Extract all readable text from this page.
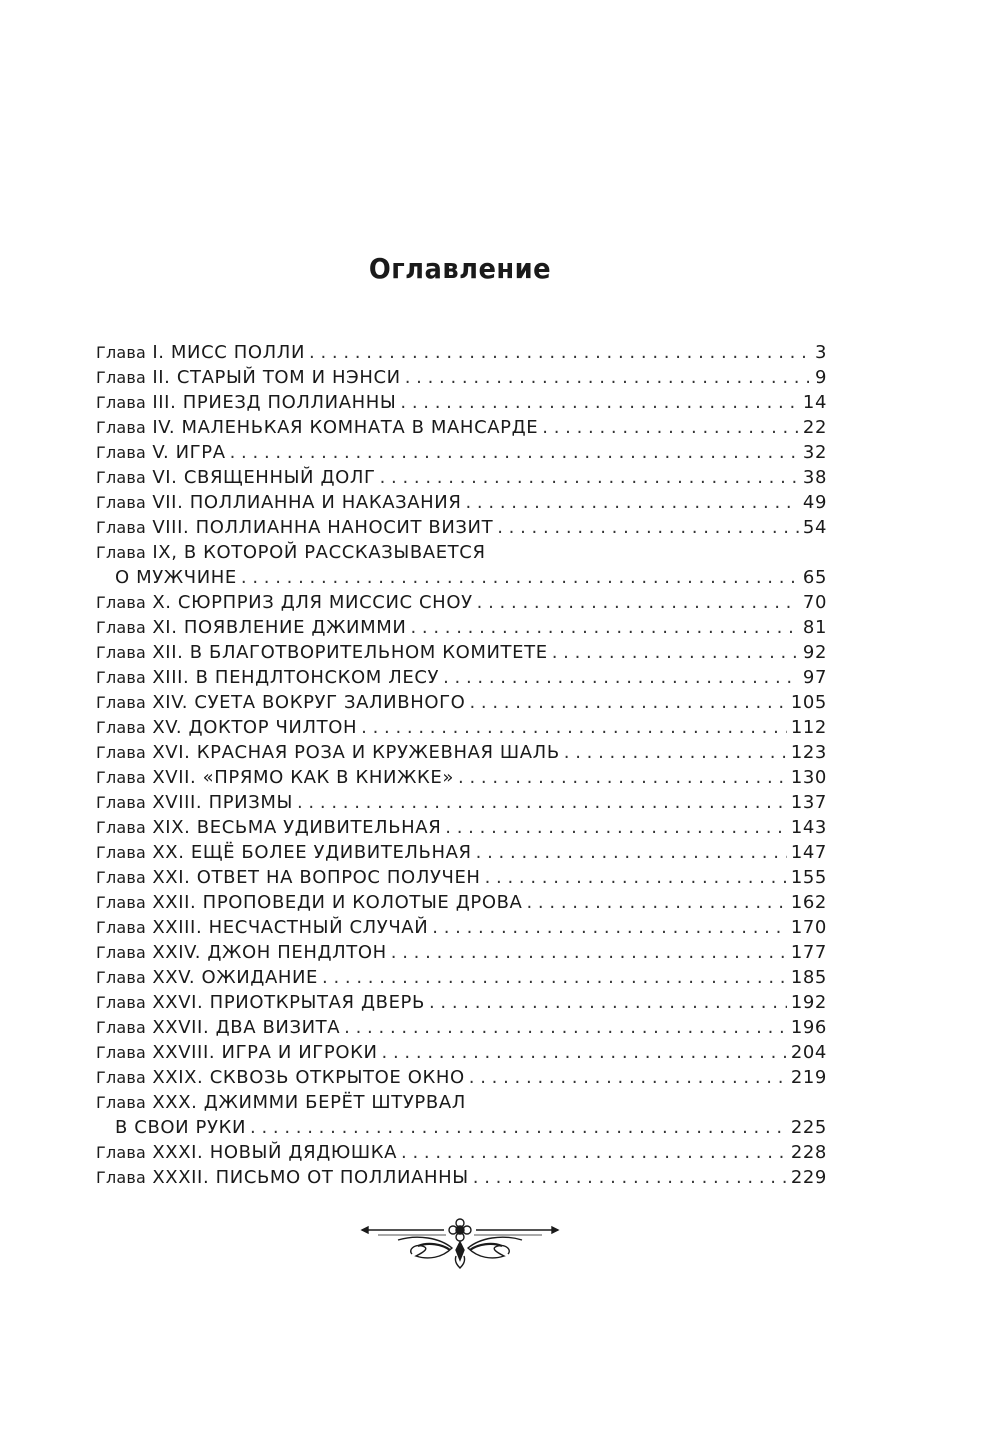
Оглавление
Глава I. МИСС ПОЛЛИ . . .	3
Глава II. СТАРЫЙ ТОМ И НЭНСИ . . .	9
Глава III. ПРИЕЗД ПОЛЛИАННЫ . . .	14
Глава IV. МАЛЕНЬКАЯ КОМНАТА В МАНСАРДЕ . . .	22
Глава V. ИГРА . . .	32
Глава VI. СВЯЩЕННЫЙ ДОЛГ . . .	38
Глава VII. ПОЛЛИАННА И НАКАЗАНИЯ . . .	49
Глава VIII. ПОЛЛИАННА НАНОСИТ ВИЗИТ . . .	54
Глава IX, В КОТОРОЙ РАССКАЗЫВАЕТСЯ
О МУЖЧИНЕ . . .	65
Глава X. СЮРПРИЗ ДЛЯ МИССИС СНОУ . . .	70
Глава XI. ПОЯВЛЕНИЕ ДЖИММИ . . .	81
Глава XII. В БЛАГОТВОРИТЕЛЬНОМ КОМИТЕТЕ . . .	92
Глава XIII. В ПЕНДЛТОНСКОМ ЛЕСУ . . .	97
Глава XIV. СУЕТА ВОКРУГ ЗАЛИВНОГО . . .	105
Глава XV. ДОКТОР ЧИЛТОН . . .	112
Глава XVI. КРАСНАЯ РОЗА И КРУЖЕВНАЯ ШАЛЬ . . .	123
Глава XVII. «ПРЯМО КАК В КНИЖКЕ» . . .	130
Глава XVIII. ПРИЗМЫ . . .	137
Глава XIX. ВЕСЬМА УДИВИТЕЛЬНАЯ . . .	143
Глава XX. ЕЩЁ БОЛЕЕ УДИВИТЕЛЬНАЯ . . .	147
Глава XXI. ОТВЕТ НА ВОПРОС ПОЛУЧЕН . . .	155
Глава XXII. ПРОПОВЕДИ И КОЛОТЫЕ ДРОВА . . .	162
Глава XXIII. НЕСЧАСТНЫЙ СЛУЧАЙ . . .	170
Глава XXIV. ДЖОН ПЕНДЛТОН . . .	177
Глава XXV. ОЖИДАНИЕ . . .	185
Глава XXVI. ПРИОТКРЫТАЯ ДВЕРЬ . . .	192
Глава XXVII. ДВА ВИЗИТА . . .	196
Глава XXVIII. ИГРА И ИГРОКИ . . .	204
Глава XXIX. СКВОЗЬ ОТКРЫТОЕ ОКНО . . .	219
Глава XXX. ДЖИММИ БЕРЁТ ШТУРВАЛ
В СВОИ РУКИ . . .	225
Глава XXXI. НОВЫЙ ДЯДЮШКА . . .	228
Глава XXXII. ПИСЬМО ОТ ПОЛЛИАННЫ . . .	229
